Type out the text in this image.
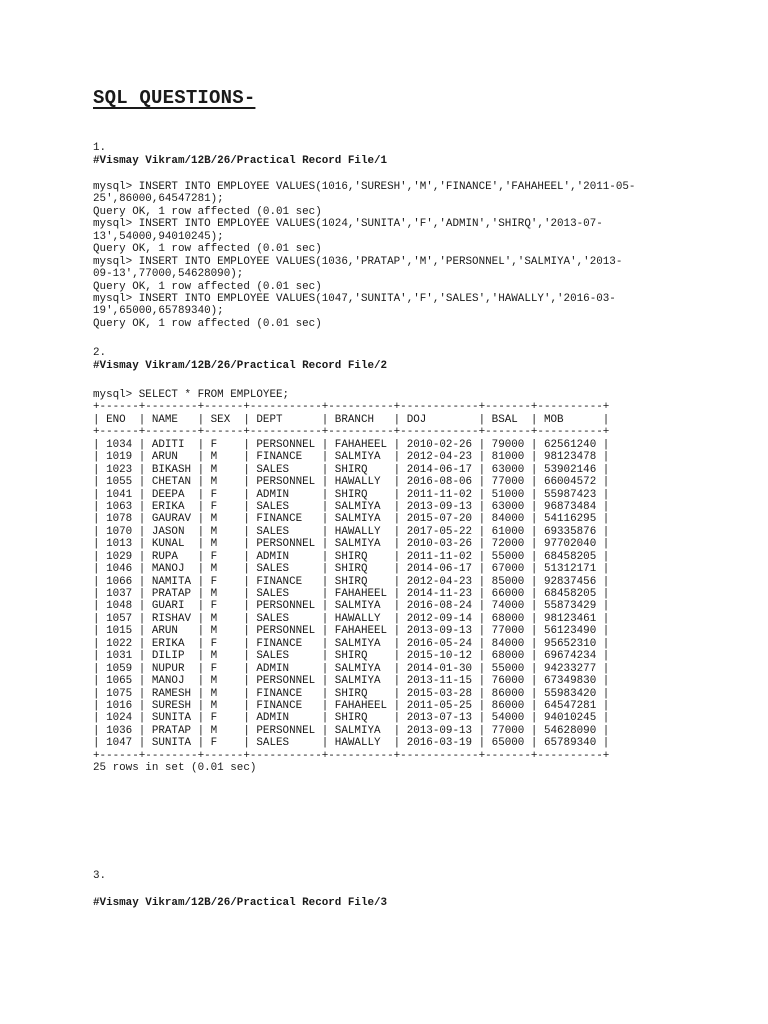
SQL QUESTIONS-
1.
#Vismay Vikram/12B/26/Practical Record File/1
mysql> INSERT INTO EMPLOYEE VALUES(1016,'SURESH','M','FINANCE','FAHAHEEL','2011-05-
25',86000,64547281);
Query OK, 1 row affected (0.01 sec)
mysql> INSERT INTO EMPLOYEE VALUES(1024,'SUNITA','F','ADMIN','SHIRQ','2013-07-
13',54000,94010245);
Query OK, 1 row affected (0.01 sec)
mysql> INSERT INTO EMPLOYEE VALUES(1036,'PRATAP','M','PERSONNEL','SALMIYA','2013-
09-13',77000,54628090);
Query OK, 1 row affected (0.01 sec)
mysql> INSERT INTO EMPLOYEE VALUES(1047,'SUNITA','F','SALES','HAWALLY','2016-03-
19',65000,65789340);
Query OK, 1 row affected (0.01 sec)
2.
#Vismay Vikram/12B/26/Practical Record File/2
mysql> SELECT * FROM EMPLOYEE;
+------+--------+------+-----------+----------+------------+-------+----------+
| ENO  | NAME   | SEX  | DEPT      | BRANCH   | DOJ        | BSAL  | MOB      |
+------+--------+------+-----------+----------+------------+-------+----------+
| 1034 | ADITI  | F    | PERSONNEL | FAHAHEEL | 2010-02-26 | 79000 | 62561240 |
| 1019 | ARUN   | M    | FINANCE   | SALMIYA  | 2012-04-23 | 81000 | 98123478 |
| 1023 | BIKASH | M    | SALES     | SHIRQ    | 2014-06-17 | 63000 | 53902146 |
| 1055 | CHETAN | M    | PERSONNEL | HAWALLY  | 2016-08-06 | 77000 | 66004572 |
| 1041 | DEEPA  | F    | ADMIN     | SHIRQ    | 2011-11-02 | 51000 | 55987423 |
| 1063 | ERIKA  | F    | SALES     | SALMIYA  | 2013-09-13 | 63000 | 96873484 |
| 1078 | GAURAV | M    | FINANCE   | SALMIYA  | 2015-07-20 | 84000 | 54116295 |
| 1070 | JASON  | M    | SALES     | HAWALLY  | 2017-05-22 | 61000 | 69335876 |
| 1013 | KUNAL  | M    | PERSONNEL | SALMIYA  | 2010-03-26 | 72000 | 97702040 |
| 1029 | RUPA   | F    | ADMIN     | SHIRQ    | 2011-11-02 | 55000 | 68458205 |
| 1046 | MANOJ  | M    | SALES     | SHIRQ    | 2014-06-17 | 67000 | 51312171 |
| 1066 | NAMITA | F    | FINANCE   | SHIRQ    | 2012-04-23 | 85000 | 92837456 |
| 1037 | PRATAP | M    | SALES     | FAHAHEEL | 2014-11-23 | 66000 | 68458205 |
| 1048 | GUARI  | F    | PERSONNEL | SALMIYA  | 2016-08-24 | 74000 | 55873429 |
| 1057 | RISHAV | M    | SALES     | HAWALLY  | 2012-09-14 | 68000 | 98123461 |
| 1015 | ARUN   | M    | PERSONNEL | FAHAHEEL | 2013-09-13 | 77000 | 56123490 |
| 1022 | ERIKA  | F    | FINANCE   | SALMIYA  | 2016-05-24 | 84000 | 95652310 |
| 1031 | DILIP  | M    | SALES     | SHIRQ    | 2015-10-12 | 68000 | 69674234 |
| 1059 | NUPUR  | F    | ADMIN     | SALMIYA  | 2014-01-30 | 55000 | 94233277 |
| 1065 | MANOJ  | M    | PERSONNEL | SALMIYA  | 2013-11-15 | 76000 | 67349830 |
| 1075 | RAMESH | M    | FINANCE   | SHIRQ    | 2015-03-28 | 86000 | 55983420 |
| 1016 | SURESH | M    | FINANCE   | FAHAHEEL | 2011-05-25 | 86000 | 64547281 |
| 1024 | SUNITA | F    | ADMIN     | SHIRQ    | 2013-07-13 | 54000 | 94010245 |
| 1036 | PRATAP | M    | PERSONNEL | SALMIYA  | 2013-09-13 | 77000 | 54628090 |
| 1047 | SUNITA | F    | SALES     | HAWALLY  | 2016-03-19 | 65000 | 65789340 |
+------+--------+------+-----------+----------+------------+-------+----------+
25 rows in set (0.01 sec)
3.
#Vismay Vikram/12B/26/Practical Record File/3
